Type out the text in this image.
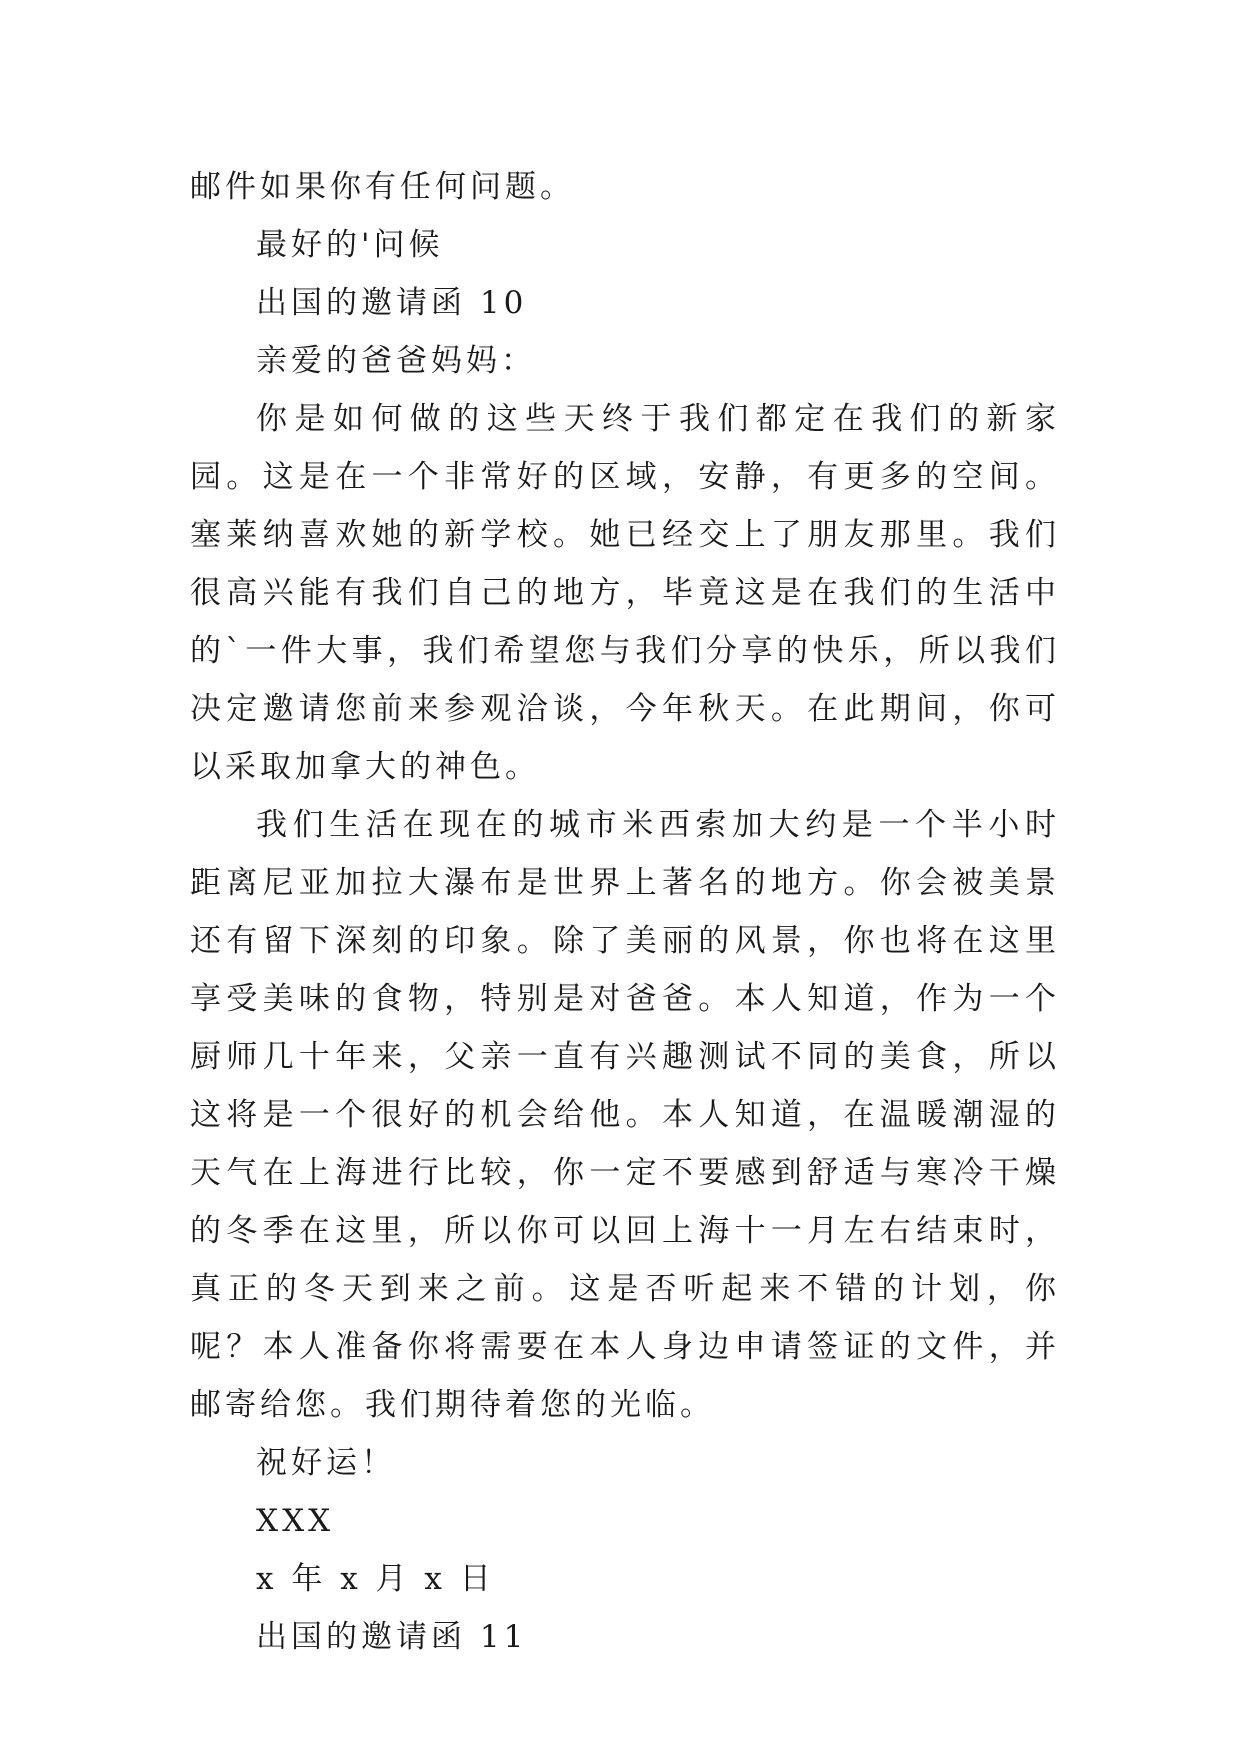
邮件如果你有任何问题。

最好的'问候

出国的邀请函 10

亲爱的爸爸妈妈：

你是如何做的这些天终于我们都定在我们的新家园。这是在一个非常好的区域，安静，有更多的空间。塞莱纳喜欢她的新学校。她已经交上了朋友那里。我们很高兴能有我们自己的地方，毕竟这是在我们的生活中的`一件大事，我们希望您与我们分享的快乐，所以我们决定邀请您前来参观洽谈，今年秋天。在此期间，你可以采取加拿大的神色。

我们生活在现在的城市米西索加大约是一个半小时距离尼亚加拉大瀑布是世界上著名的地方。你会被美景还有留下深刻的印象。除了美丽的风景，你也将在这里享受美味的食物，特别是对爸爸。本人知道，作为一个厨师几十年来，父亲一直有兴趣测试不同的美食，所以这将是一个很好的机会给他。本人知道，在温暖潮湿的天气在上海进行比较，你一定不要感到舒适与寒冷干燥的冬季在这里，所以你可以回上海十一月左右结束时，真正的冬天到来之前。这是否听起来不错的计划，你呢？本人准备你将需要在本人身边申请签证的文件，并邮寄给您。我们期待着您的光临。

祝好运！

XXX

x 年 x 月 x 日

出国的邀请函 11
